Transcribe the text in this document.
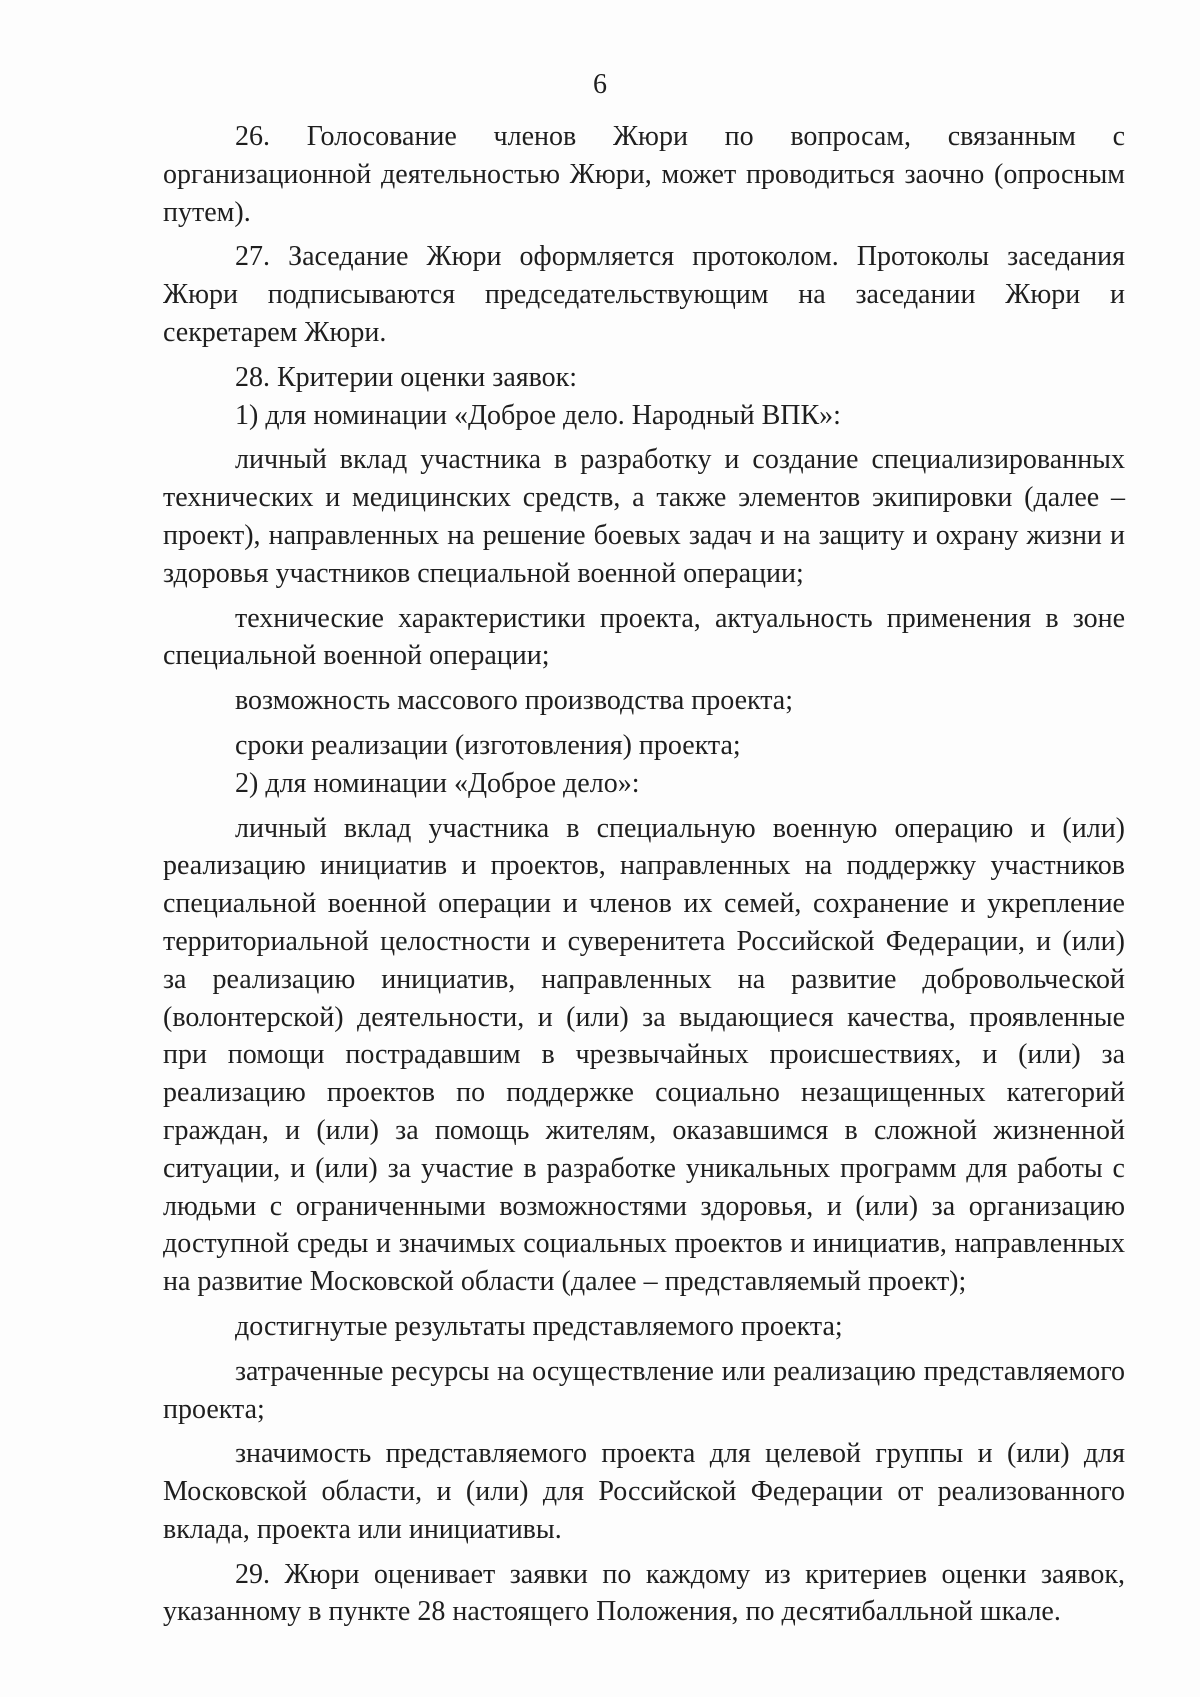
6

26. Голосование членов Жюри по вопросам, связанным с организационной деятельностью Жюри, может проводиться заочно (опросным путем).

27. Заседание Жюри оформляется протоколом. Протоколы заседания Жюри подписываются председательствующим на заседании Жюри и секретарем Жюри.

28. Критерии оценки заявок:

1) для номинации «Доброе дело. Народный ВПК»:

личный вклад участника в разработку и создание специализированных технических и медицинских средств, а также элементов экипировки (далее – проект), направленных на решение боевых задач и на защиту и охрану жизни и здоровья участников специальной военной операции;

технические характеристики проекта, актуальность применения в зоне специальной военной операции;

возможность массового производства проекта;

сроки реализации (изготовления) проекта;

2) для номинации «Доброе дело»:

личный вклад участника в специальную военную операцию и (или) реализацию инициатив и проектов, направленных на поддержку участников специальной военной операции и членов их семей, сохранение и укрепление территориальной целостности и суверенитета Российской Федерации, и (или) за реализацию инициатив, направленных на развитие добровольческой (волонтерской) деятельности, и (или) за выдающиеся качества, проявленные при помощи пострадавшим в чрезвычайных происшествиях, и (или) за реализацию проектов по поддержке социально незащищенных категорий граждан, и (или) за помощь жителям, оказавшимся в сложной жизненной ситуации, и (или) за участие в разработке уникальных программ для работы с людьми с ограниченными возможностями здоровья, и (или) за организацию доступной среды и значимых социальных проектов и инициатив, направленных на развитие Московской области (далее – представляемый проект);

достигнутые результаты представляемого проекта;

затраченные ресурсы на осуществление или реализацию представляемого проекта;

значимость представляемого проекта для целевой группы и (или) для Московской области, и (или) для Российской Федерации от реализованного вклада, проекта или инициативы.

29. Жюри оценивает заявки по каждому из критериев оценки заявок, указанному в пункте 28 настоящего Положения, по десятибалльной шкале.
